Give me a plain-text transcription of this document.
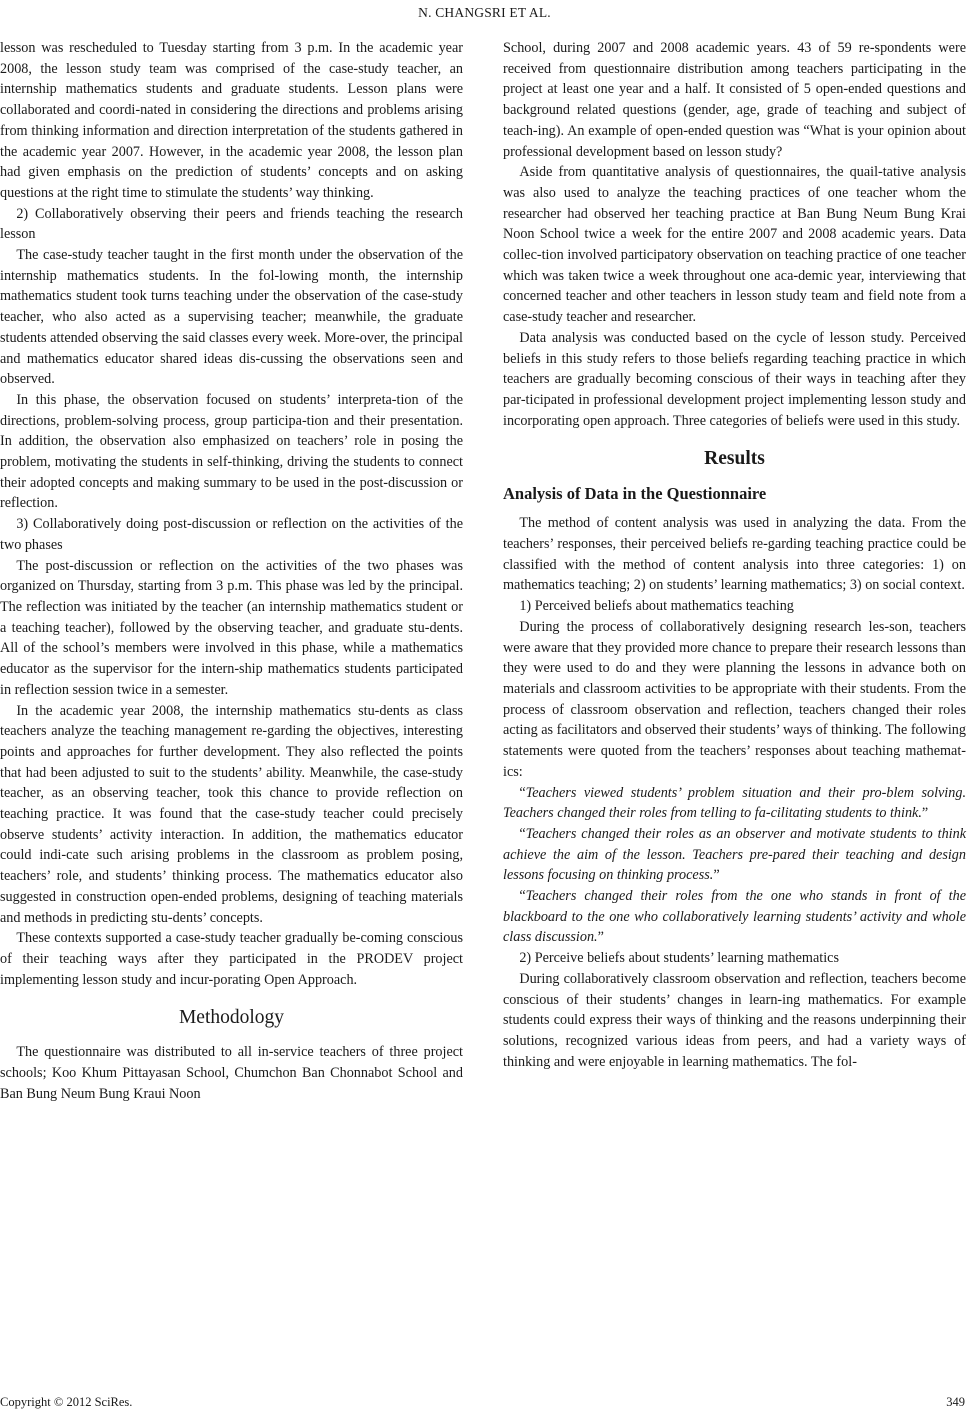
N. CHANGSRI ET AL.

lesson was rescheduled to Tuesday starting from 3 p.m. In the academic year 2008, the lesson study team was comprised of the case-study teacher, an internship mathematics students and graduate students. Lesson plans were collaborated and coordi-nated in considering the directions and problems arising from thinking information and direction interpretation of the students gathered in the academic year 2007. However, in the academic year 2008, the lesson plan had given emphasis on the prediction of students’ concepts and on asking questions at the right time to stimulate the students’ way thinking.

2) Collaboratively observing their peers and friends teaching the research lesson

The case-study teacher taught in the first month under the observation of the internship mathematics students. In the fol-lowing month, the internship mathematics student took turns teaching under the observation of the case-study teacher, who also acted as a supervising teacher; meanwhile, the graduate students attended observing the said classes every week. More-over, the principal and mathematics educator shared ideas dis-cussing the observations seen and observed.

In this phase, the observation focused on students’ interpreta-tion of the directions, problem-solving process, group participa-tion and their presentation. In addition, the observation also emphasized on teachers’ role in posing the problem, motivating the students in self-thinking, driving the students to connect their adopted concepts and making summary to be used in the post-discussion or reflection.

3) Collaboratively doing post-discussion or reflection on the activities of the two phases

The post-discussion or reflection on the activities of the two phases was organized on Thursday, starting from 3 p.m. This phase was led by the principal. The reflection was initiated by the teacher (an internship mathematics student or a teaching teacher), followed by the observing teacher, and graduate stu-dents. All of the school’s members were involved in this phase, while a mathematics educator as the supervisor for the intern-ship mathematics students participated in reflection session twice in a semester.

In the academic year 2008, the internship mathematics stu-dents as class teachers analyze the teaching management re-garding the objectives, interesting points and approaches for further development. They also reflected the points that had been adjusted to suit to the students’ ability. Meanwhile, the case-study teacher, as an observing teacher, took this chance to provide reflection on teaching practice. It was found that the case-study teacher could precisely observe students’ activity interaction. In addition, the mathematics educator could indi-cate such arising problems in the classroom as problem posing, teachers’ role, and students’ thinking process. The mathematics educator also suggested in construction open-ended problems, designing of teaching materials and methods in predicting stu-dents’ concepts.

These contexts supported a case-study teacher gradually be-coming conscious of their teaching ways after they participated in the PRODEV project implementing lesson study and incur-porating Open Approach.

Methodology

The questionnaire was distributed to all in-service teachers of three project schools; Koo Khum Pittayasan School, Chumchon Ban Chonnabot School and Ban Bung Neum Bung Kraui Noon

School, during 2007 and 2008 academic years. 43 of 59 re-spondents were received from questionnaire distribution among teachers participating in the project at least one year and a half. It consisted of 5 open-ended questions and background related questions (gender, age, grade of teaching and subject of teach-ing). An example of open-ended question was “What is your opinion about professional development based on lesson study?

Aside from quantitative analysis of questionnaires, the quail-tative analysis was also used to analyze the teaching practices of one teacher whom the researcher had observed her teaching practice at Ban Bung Neum Bung Krai Noon School twice a week for the entire 2007 and 2008 academic years. Data collec-tion involved participatory observation on teaching practice of one teacher which was taken twice a week throughout one aca-demic year, interviewing that concerned teacher and other teachers in lesson study team and field note from a case-study teacher and researcher.

Data analysis was conducted based on the cycle of lesson study. Perceived beliefs in this study refers to those beliefs regarding teaching practice in which teachers are gradually becoming conscious of their ways in teaching after they par-ticipated in professional development project implementing lesson study and incorporating open approach. Three categories of beliefs were used in this study.

Results
Analysis of Data in the Questionnaire

The method of content analysis was used in analyzing the data. From the teachers’ responses, their perceived beliefs re-garding teaching practice could be classified with the method of content analysis into three categories: 1) on mathematics teaching; 2) on students’ learning mathematics; 3) on social context.

1) Perceived beliefs about mathematics teaching

During the process of collaboratively designing research les-son, teachers were aware that they provided more chance to prepare their research lessons than they were used to do and they were planning the lessons in advance both on materials and classroom activities to be appropriate with their students. From the process of classroom observation and reflection, teachers changed their roles acting as facilitators and observed their students’ ways of thinking. The following statements were quoted from the teachers’ responses about teaching mathemat-ics:

“Teachers viewed students’ problem situation and their pro-blem solving. Teachers changed their roles from telling to fa-cilitating students to think.”

“Teachers changed their roles as an observer and motivate students to think achieve the aim of the lesson. Teachers pre-pared their teaching and design lessons focusing on thinking process.”

“Teachers changed their roles from the one who stands in front of the blackboard to the one who collaboratively learning students’ activity and whole class discussion.”

2) Perceive beliefs about students’ learning mathematics

During collaboratively classroom observation and reflection, teachers become conscious of their students’ changes in learn-ing mathematics. For example students could express their ways of thinking and the reasons underpinning their solutions, recognized various ideas from peers, and had a variety ways of thinking and were enjoyable in learning mathematics. The fol-

Copyright © 2012 SciRes.	349
